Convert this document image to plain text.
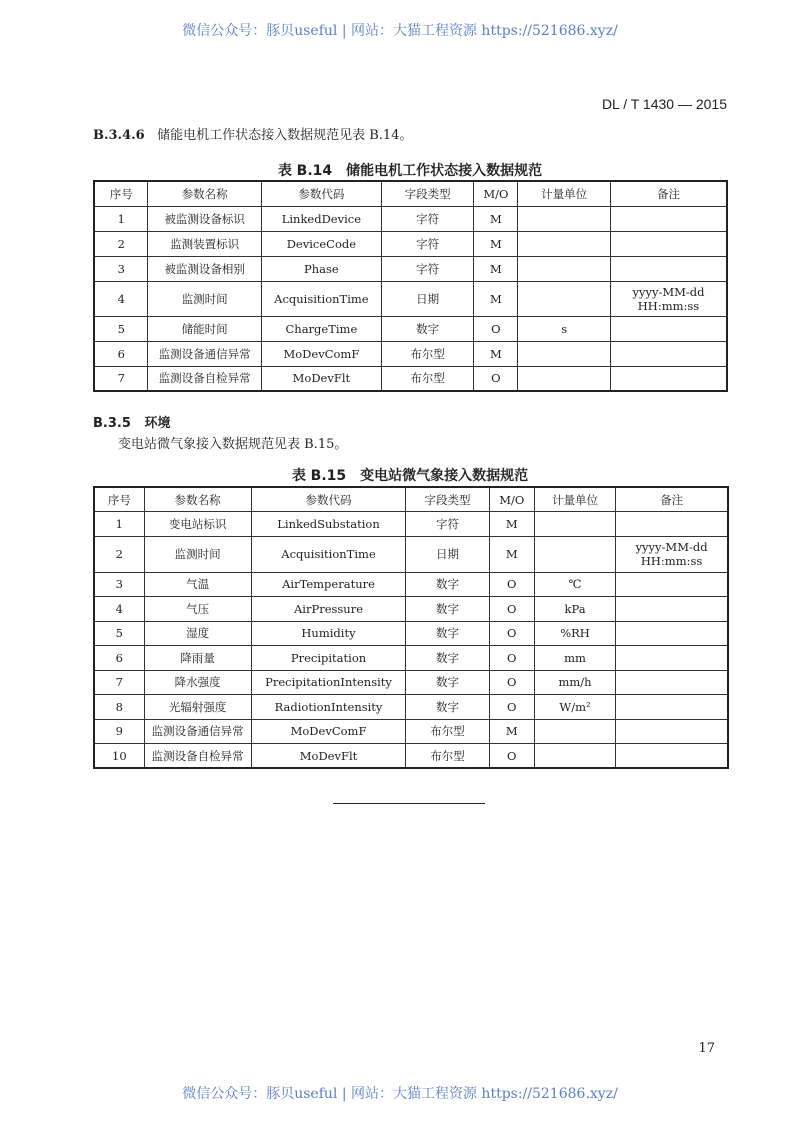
微信公众号：豚贝useful | 网站：大猫工程资源 https://521686.xyz/
DL / T 1430 — 2015
B.3.4.6 储能电机工作状态接入数据规范见表 B.14。
表 B.14　储能电机工作状态接入数据规范
序号	参数名称	参数代码	字段类型	M/O	计量单位	备注
1	被监测设备标识	LinkedDevice	字符	M		
2	监测装置标识	DeviceCode	字符	M		
3	被监测设备相别	Phase	字符	M		
4	监测时间	AcquisitionTime	日期	M		yyyy-MM-dd HH:mm:ss
5	储能时间	ChargeTime	数字	O	s	
6	监测设备通信异常	MoDevComF	布尔型	M		
7	监测设备自检异常	MoDevFlt	布尔型	O		
B.3.5 环境
变电站微气象接入数据规范见表 B.15。
表 B.15　变电站微气象接入数据规范
序号	参数名称	参数代码	字段类型	M/O	计量单位	备注
1	变电站标识	LinkedSubstation	字符	M		
2	监测时间	AcquisitionTime	日期	M		yyyy-MM-dd HH:mm:ss
3	气温	AirTemperature	数字	O	℃	
4	气压	AirPressure	数字	O	kPa	
5	湿度	Humidity	数字	O	%RH	
6	降雨量	Precipitation	数字	O	mm	
7	降水强度	PrecipitationIntensity	数字	O	mm/h	
8	光辐射强度	RadiotionIntensity	数字	O	W/m²	
9	监测设备通信异常	MoDevComF	布尔型	M		
10	监测设备自检异常	MoDevFlt	布尔型	O		
17
微信公众号：豚贝useful | 网站：大猫工程资源 https://521686.xyz/
